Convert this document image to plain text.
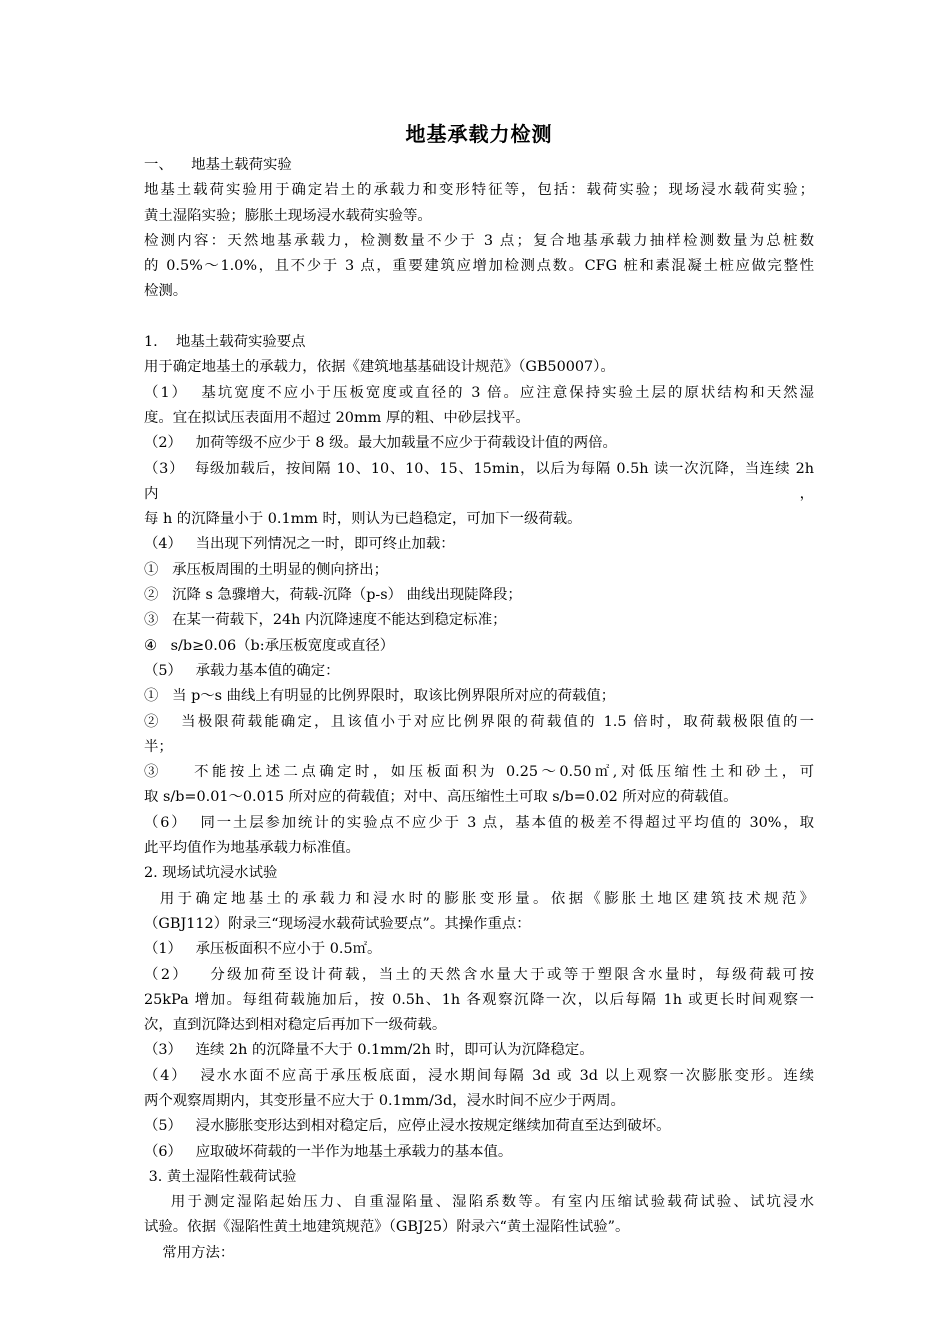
地基承载力检测

一、    地基土载荷实验

地基土载荷实验用于确定岩土的承载力和变形特征等，包括：载荷实验；现场浸水载荷实验；

黄土湿陷实验；膨胀土现场浸水载荷实验等。

检测内容：天然地基承载力，检测数量不少于 3 点；复合地基承载力抽样检测数量为总桩数

的 0.5%～1.0%，且不少于 3 点，重要建筑应增加检测点数。CFG 桩和素混凝土桩应做完整性

检测。

1.    地基土载荷实验要点

用于确定地基土的承载力，依据《建筑地基基础设计规范》（GB50007）。

（1）  基坑宽度不应小于压板宽度或直径的 3 倍。应注意保持实验土层的原状结构和天然湿

度。宜在拟试压表面用不超过 20mm 厚的粗、中砂层找平。

（2）   加荷等级不应少于 8 级。最大加载量不应少于荷载设计值的两倍。

（3）  每级加载后，按间隔 10、10、10、15、15min，以后为每隔 0.5h 读一次沉降，当连续 2h 内，

每 h 的沉降量小于 0.1mm 时，则认为已趋稳定，可加下一级荷载。

（4）   当出现下列情况之一时，即可终止加载：

①   承压板周围的土明显的侧向挤出；

②   沉降 s 急骤增大，荷载-沉降（p-s） 曲线出现陡降段；

③   在某一荷载下，24h 内沉降速度不能达到稳定标准；

④   s/b≥0.06（b:承压板宽度或直径）

（5）   承载力基本值的确定：

①   当 p～s 曲线上有明显的比例界限时，取该比例界限所对应的荷载值；

②   当极限荷载能确定，且该值小于对应比例界限的荷载值的 1.5 倍时，取荷载极限值的一

半；

③    不能按上述二点确定时，如压板面积为 0.25～0.50㎡,对低压缩性土和砂土，可

取 s/b=0.01～0.015 所对应的荷载值；对中、高压缩性土可取 s/b=0.02 所对应的荷载值。

（6）  同一土层参加统计的实验点不应少于 3 点，基本值的极差不得超过平均值的 30%，取

此平均值作为地基承载力标准值。

2. 现场试坑浸水试验

用于确定地基土的承载力和浸水时的膨胀变形量。依据《膨胀土地区建筑技术规范》

（GBJ112）附录三“现场浸水载荷试验要点”。其操作重点：

（1）   承压板面积不应小于 0.5㎡。

（2）   分级加荷至设计荷载，当土的天然含水量大于或等于塑限含水量时，每级荷载可按

25kPa 增加。每组荷载施加后，按 0.5h、1h 各观察沉降一次，以后每隔 1h 或更长时间观察一

次，直到沉降达到相对稳定后再加下一级荷载。

（3）   连续 2h 的沉降量不大于 0.1mm/2h 时，即可认为沉降稳定。

（4）  浸水水面不应高于承压板底面，浸水期间每隔 3d 或 3d 以上观察一次膨胀变形。连续

两个观察周期内，其变形量不应大于 0.1mm/3d，浸水时间不应少于两周。

（5）   浸水膨胀变形达到相对稳定后，应停止浸水按规定继续加荷直至达到破坏。

（6）   应取破坏荷载的一半作为地基土承载力的基本值。

3. 黄土湿陷性载荷试验

用于测定湿陷起始压力、自重湿陷量、湿陷系数等。有室内压缩试验载荷试验、试坑浸水

试验。依据《湿陷性黄土地建筑规范》（GBJ25）附录六“黄土湿陷性试验”。

常用方法：
